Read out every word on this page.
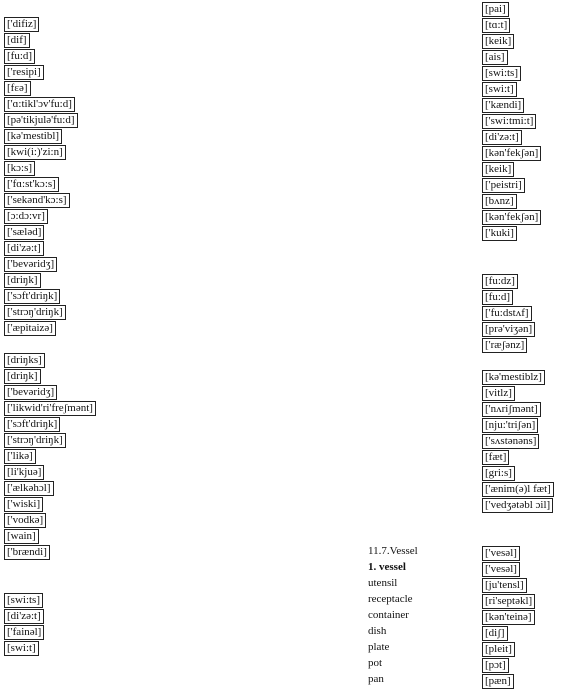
['difiz]
[dif]
[fu:d]
['resipi]
[fɛə]
['ɑ:tikl'ɔv'fu:d]
[pə'tikjulə'fu:d]
[kə'mestibl]
[kwi(i:)'zi:n]
[kɔ:s]
['fɑ:st'kɔ:s]
['sekənd'kɔ:s]
[ɔ:dɔ:vr]
['sæləd]
[di'zə:t]
['bevəridʒ]
[driŋk]
['sɔft'driŋk]
['strɔŋ'driŋk]
['æpitaizə]
[driŋks]
[driŋk]
['bevəridʒ]
['likwid'ri'freʃmənt]
['sɔft'driŋk]
['strɔŋ'driŋk]
['likə]
[li'kjuə]
['ælkəhɔl]
['wiski]
['vodkə]
[wain]
['brændi]
[swi:ts]
[di'zə:t]
['fainəl]
[swi:t]
[pai]
[tɑ:t]
[keik]
[ais]
[swi:ts]
[swi:t]
['kændi]
['swi:tmi:t]
[di'zə:t]
[kən'fekʃən]
[keik]
['peistri]
[bʌnz]
[kən'fekʃən]
['kuki]
[fu:dz]
[fu:d]
['fu:dstʌf]
[prə'viʒən]
['ræʃənz]
[kə'mestiblz]
[vitlz]
['nʌriʃmənt]
[nju:'triʃən]
['sʌstənəns]
[fæt]
[gri:s]
['ænim(ə)l fæt]
['vedʒətəbl ɔil]
['vesəl]
['vesəl]
[ju'tensl]
[ri'septəkl]
[kən'teinə]
[diʃ]
[pleit]
[pɔt]
[pæn]
11.7.Vessel
1. vessel
utensil
receptacle
container
dish
plate
pot
pan
